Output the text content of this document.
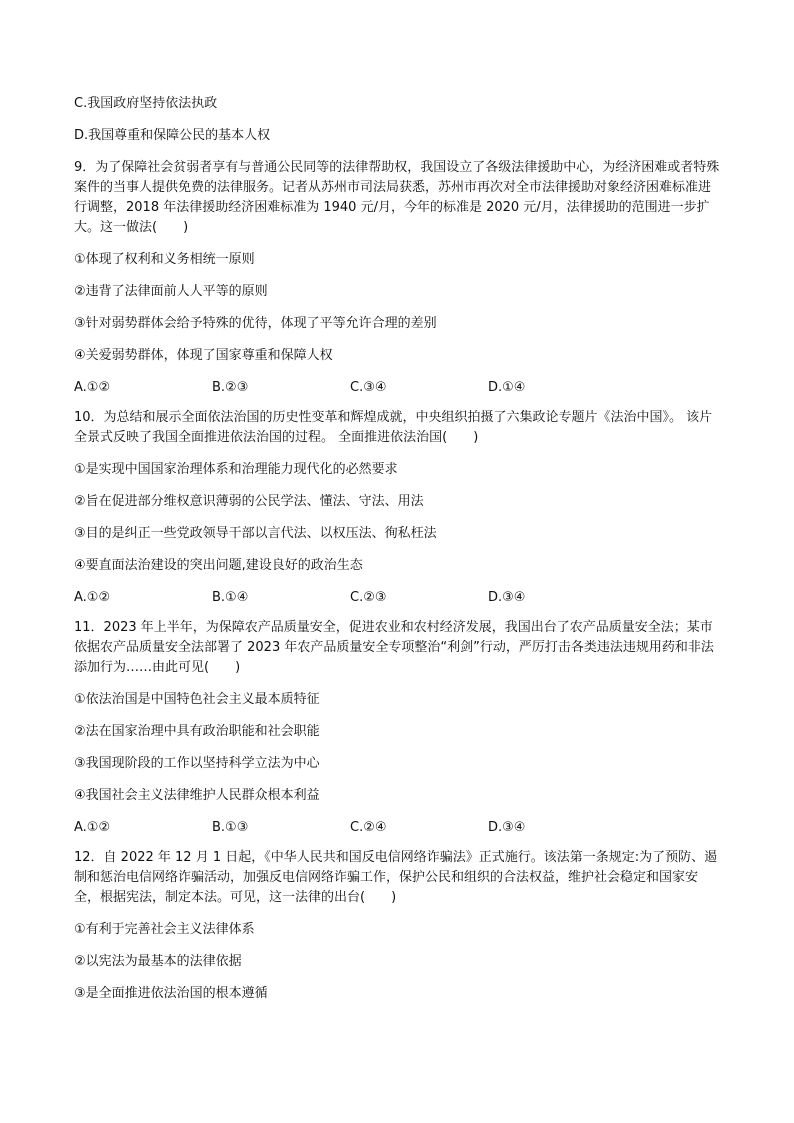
C.我国政府坚持依法执政
D.我国尊重和保障公民的基本人权
9．为了保障社会贫弱者享有与普通公民同等的法律帮助权，我国设立了各级法律援助中心，为经济困难或者特殊案件的当事人提供免费的法律服务。记者从苏州市司法局获悉，苏州市再次对全市法律援助对象经济困难标准进行调整，2018 年法律援助经济困难标准为 1940 元/月，今年的标准是 2020 元/月，法律援助的范围进一步扩大。这一做法(　　)
①体现了权利和义务相统一原则
②违背了法律面前人人平等的原则
③针对弱势群体会给予特殊的优待，体现了平等允许合理的差别
④关爱弱势群体，体现了国家尊重和保障人权
A.①②	B.②③	C.③④	D.①④
10．为总结和展示全面依法治国的历史性变革和辉煌成就，中央组织拍摄了六集政论专题片《法治中国》。 该片全景式反映了我国全面推进依法治国的过程。 全面推进依法治国(　　)
①是实现中国国家治理体系和治理能力现代化的必然要求
②旨在促进部分维权意识薄弱的公民学法、懂法、守法、用法
③目的是纠正一些党政领导干部以言代法、以权压法、徇私枉法
④要直面法治建设的突出问题,建设良好的政治生态
A.①②	B.①④	C.②③	D.③④
11．2023 年上半年，为保障农产品质量安全，促进农业和农村经济发展，我国出台了农产品质量安全法；某市依据农产品质量安全法部署了 2023 年农产品质量安全专项整治“利剑”行动，严厉打击各类违法违规用药和非法添加行为……由此可见(　　)
①依法治国是中国特色社会主义最本质特征
②法在国家治理中具有政治职能和社会职能
③我国现阶段的工作以坚持科学立法为中心
④我国社会主义法律维护人民群众根本利益
A.①②	B.①③	C.②④	D.③④
12．自 2022 年 12 月 1 日起，《中华人民共和国反电信网络诈骗法》正式施行。该法第一条规定:为了预防、遏制和惩治电信网络诈骗活动，加强反电信网络诈骗工作，保护公民和组织的合法权益，维护社会稳定和国家安全，根据宪法，制定本法。可见，这一法律的出台(　　)
①有利于完善社会主义法律体系
②以宪法为最基本的法律依据
③是全面推进依法治国的根本遵循
